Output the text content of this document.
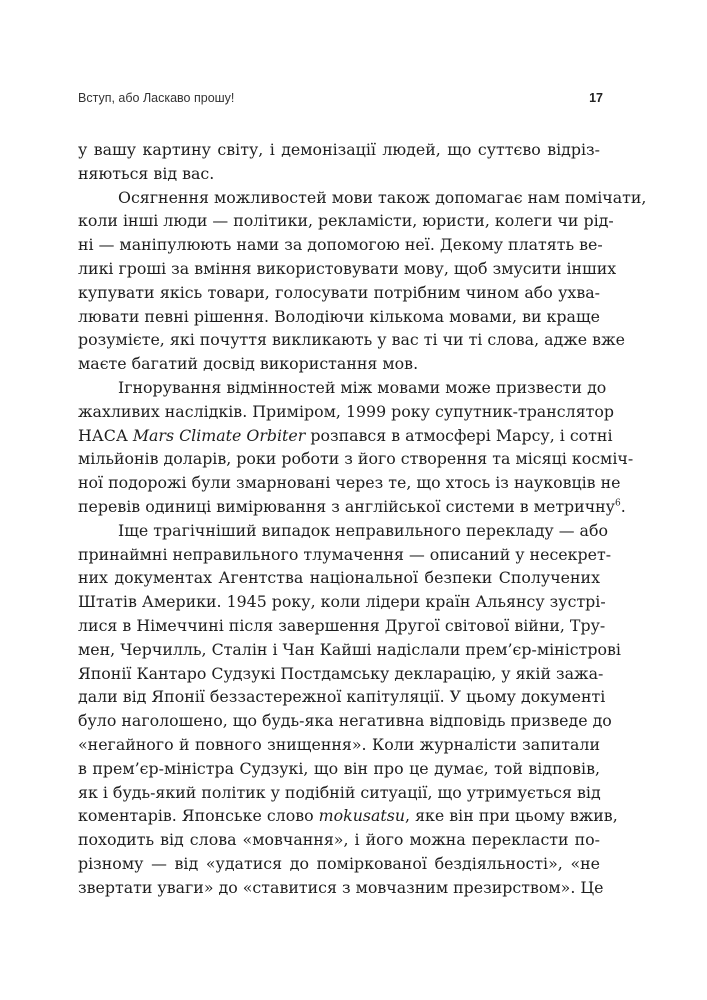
Вступ, або Ласкаво прошу!	17

у вашу картину світу, і демонізації людей, що суттєво відріз-
няються від вас.

Осягнення можливостей мови також допомагає нам помічати,
коли інші люди — політики, рекламісти, юристи, колеги чи рід-
ні — маніпулюють нами за допомогою неї. Декому платять ве-
ликі гроші за вміння використовувати мову, щоб змусити інших
купувати якісь товари, голосувати потрібним чином або ухва-
лювати певні рішення. Володіючи кількома мовами, ви краще
розумієте, які почуття викликають у вас ті чи ті слова, адже вже
маєте багатий досвід використання мов.

Ігнорування відмінностей між мовами може призвести до
жахливих наслідків. Приміром, 1999 року супутник-транслятор
НАСА Mars Climate Orbiter розпався в атмосфері Марсу, і сотні
мільйонів доларів, роки роботи з його створення та місяці косміч-
ної подорожі були змарновані через те, що хтось із науковців не
перевів одиниці вимірювання з англійської системи в метричну$^6$.

Іще трагічніший випадок неправильного перекладу — або
принаймні неправильного тлумачення — описаний у несекрет-
них документах Агентства національної безпеки Сполучених
Штатів Америки. 1945 року, коли лідери країн Альянсу зустрі-
лися в Німеччині після завершення Другої світової війни, Тру-
мен, Черчилль, Сталін і Чан Кайші надіслали прем’єр-міністрові
Японії Кантаро Судзукі Постдамську декларацію, у якій зажа-
дали від Японії беззастережної капітуляції. У цьому документі
було наголошено, що будь-яка негативна відповідь призведе до
«негайного й повного знищення». Коли журналісти запитали
в прем’єр-міністра Судзукі, що він про це думає, той відповів,
як і будь-який політик у подібній ситуації, що утримується від
коментарів. Японське слово mokusatsu, яке він при цьому вжив,
походить від слова «мовчання», і його можна перекласти по-
різному — від «удатися до поміркованої бездіяльності», «не
звертати уваги» до «ставитися з мовчазним презирством». Це
